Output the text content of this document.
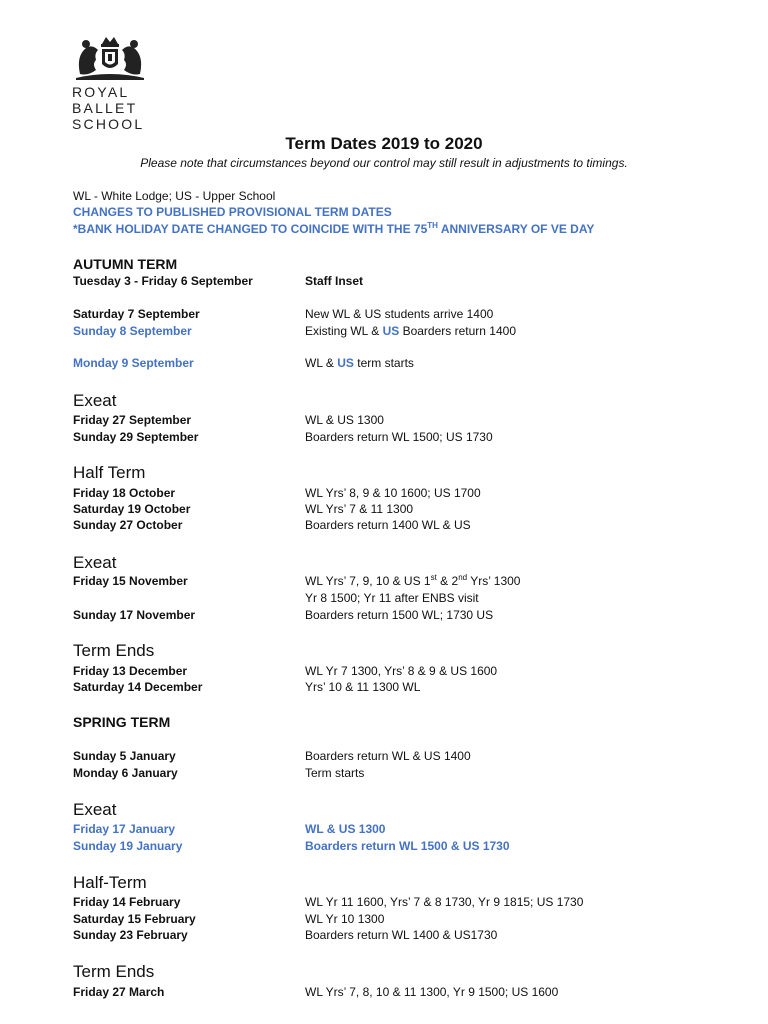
ROYAL
BALLET
SCHOOL
Term Dates 2019 to 2020
Please note that circumstances beyond our control may still result in adjustments to timings.
WL - White Lodge; US - Upper School
CHANGES TO PUBLISHED PROVISIONAL TERM DATES
*BANK HOLIDAY DATE CHANGED TO COINCIDE WITH THE 75TH ANNIVERSARY OF VE DAY
AUTUMN TERM
Tuesday 3 - Friday 6 September	Staff Inset
Saturday 7 September	New WL & US students arrive 1400
Sunday 8 September	Existing WL & US Boarders return 1400
Monday 9 September	WL & US term starts
Exeat
Friday 27 September	WL & US 1300
Sunday 29 September	Boarders return WL 1500; US 1730
Half Term
Friday 18 October	WL Yrs’ 8, 9 & 10 1600; US 1700
Saturday 19 October	WL Yrs’ 7 & 11 1300
Sunday 27 October	Boarders return 1400 WL & US
Exeat
Friday 15 November	WL Yrs’ 7, 9, 10 & US 1st & 2nd Yrs’ 1300
Yr 8 1500; Yr 11 after ENBS visit
Sunday 17 November	Boarders return 1500 WL; 1730 US
Term Ends
Friday 13 December	WL Yr 7 1300, Yrs’ 8 & 9 & US 1600
Saturday 14 December	Yrs’ 10 & 11 1300 WL
SPRING TERM
Sunday 5 January	Boarders return WL & US 1400
Monday 6 January	Term starts
Exeat
Friday 17 January	WL & US 1300
Sunday 19 January	Boarders return WL 1500 & US 1730
Half-Term
Friday 14 February	WL Yr 11 1600, Yrs’ 7 & 8 1730, Yr 9 1815; US 1730
Saturday 15 February	WL Yr 10 1300
Sunday 23 February	Boarders return WL 1400 & US1730
Term Ends
Friday 27 March	WL Yrs’ 7, 8, 10 & 11 1300, Yr 9 1500; US 1600
